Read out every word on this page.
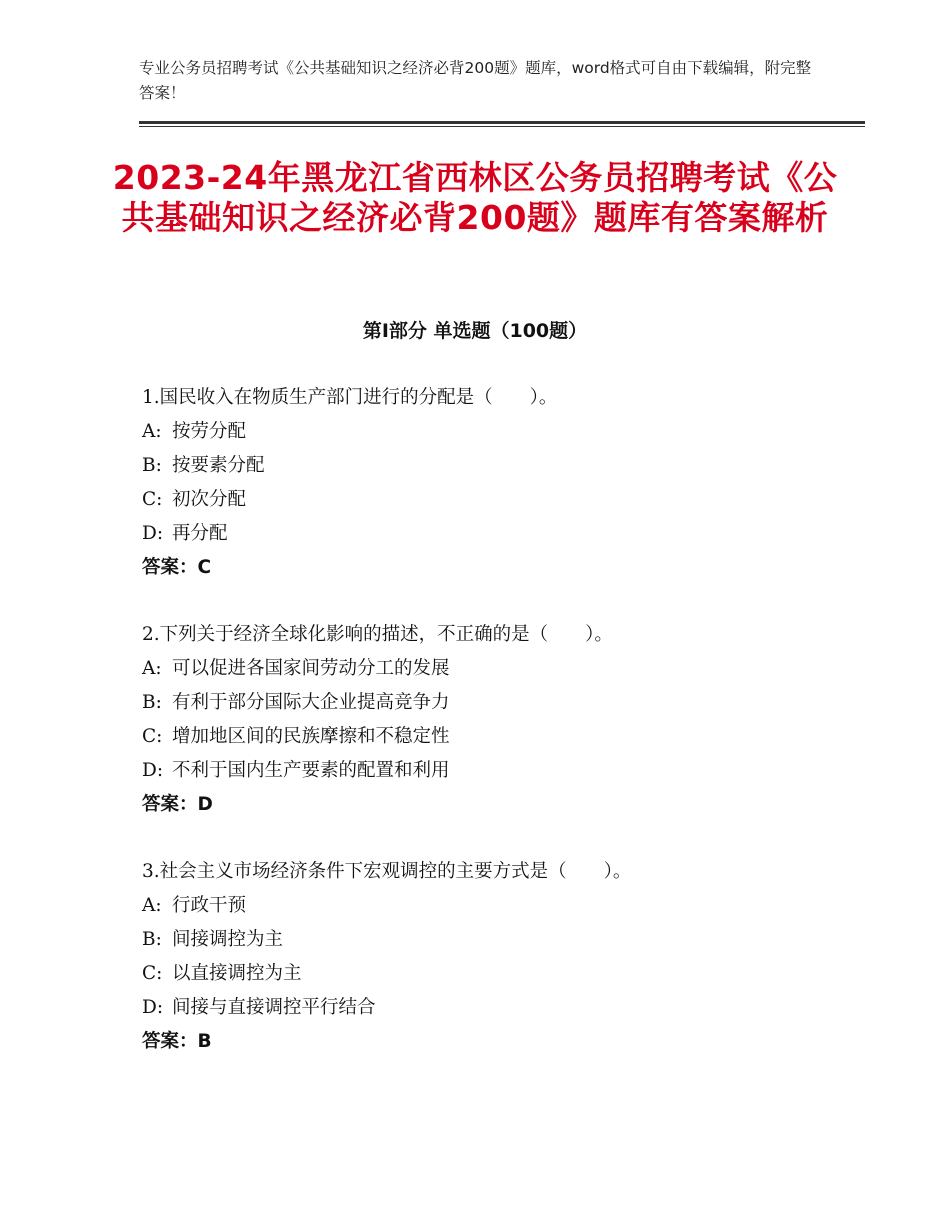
专业公务员招聘考试《公共基础知识之经济必背200题》题库，word格式可自由下载编辑，附完整答案！
2023-24年黑龙江省西林区公务员招聘考试《公共基础知识之经济必背200题》题库有答案解析
第Ⅰ部分 单选题（100题）
1.国民收入在物质生产部门进行的分配是（　　）。
A: 按劳分配
B: 按要素分配
C: 初次分配
D: 再分配
答案：C
2.下列关于经济全球化影响的描述，不正确的是（　　）。
A: 可以促进各国家间劳动分工的发展
B: 有利于部分国际大企业提高竞争力
C: 增加地区间的民族摩擦和不稳定性
D: 不利于国内生产要素的配置和利用
答案：D
3.社会主义市场经济条件下宏观调控的主要方式是（　　）。
A: 行政干预
B: 间接调控为主
C: 以直接调控为主
D: 间接与直接调控平行结合
答案：B
